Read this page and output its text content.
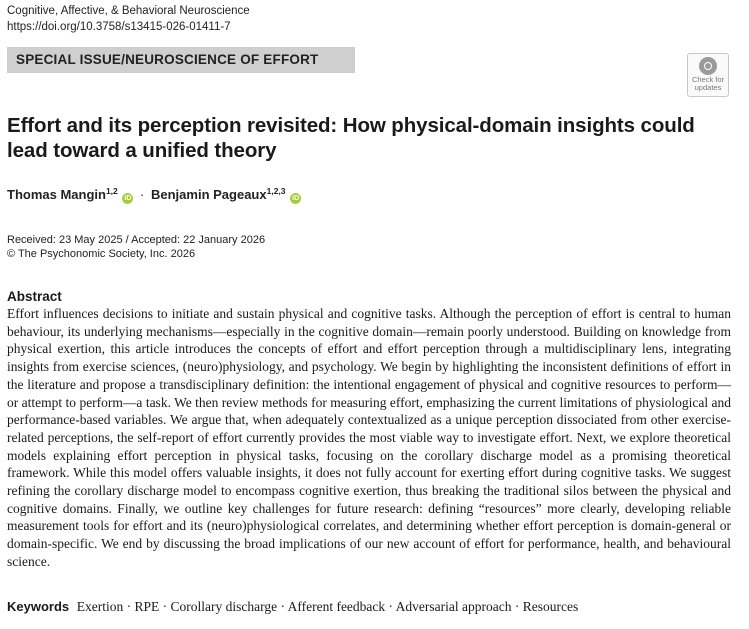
Cognitive, Affective, & Behavioral Neuroscience
https://doi.org/10.3758/s13415-026-01411-7
SPECIAL ISSUE/NEUROSCIENCE OF EFFORT
Check for
updates
Effort and its perception revisited: How physical-domain insights could lead toward a unified theory
Thomas Mangin$^{1,2}$ iD · Benjamin Pageaux$^{1,2,3}$ iD
Received: 23 May 2025 / Accepted: 22 January 2026
© The Psychonomic Society, Inc. 2026
Abstract

Effort influences decisions to initiate and sustain physical and cognitive tasks. Although the perception of effort is central to human behaviour, its underlying mechanisms—especially in the cognitive domain—remain poorly understood. Building on knowledge from physical exertion, this article introduces the concepts of effort and effort perception through a multidisciplinary lens, integrating insights from exercise sciences, (neuro)physiology, and psychology. We begin by highlighting the inconsistent definitions of effort in the literature and propose a transdisciplinary definition: the intentional engagement of physical and cognitive resources to perform—or attempt to perform—a task. We then review methods for measuring effort, emphasizing the current limitations of physiological and performance-based variables. We argue that, when adequately contextualized as a unique perception dissociated from other exercise-related perceptions, the self-report of effort currently provides the most viable way to investigate effort. Next, we explore theoretical models explaining effort perception in physical tasks, focusing on the corollary discharge model as a promising theoretical framework. While this model offers valuable insights, it does not fully account for exerting effort during cognitive tasks. We suggest refining the corollary discharge model to encompass cognitive exertion, thus breaking the traditional silos between the physical and cognitive domains. Finally, we outline key challenges for future research: defining “resources” more clearly, developing reliable measurement tools for effort and its (neuro)physiological correlates, and determining whether effort perception is domain-general or domain-specific. We end by discussing the broad implications of our new account of effort for performance, health, and behavioural science.

Keywords Exertion · RPE · Corollary discharge · Afferent feedback · Adversarial approach · Resources
